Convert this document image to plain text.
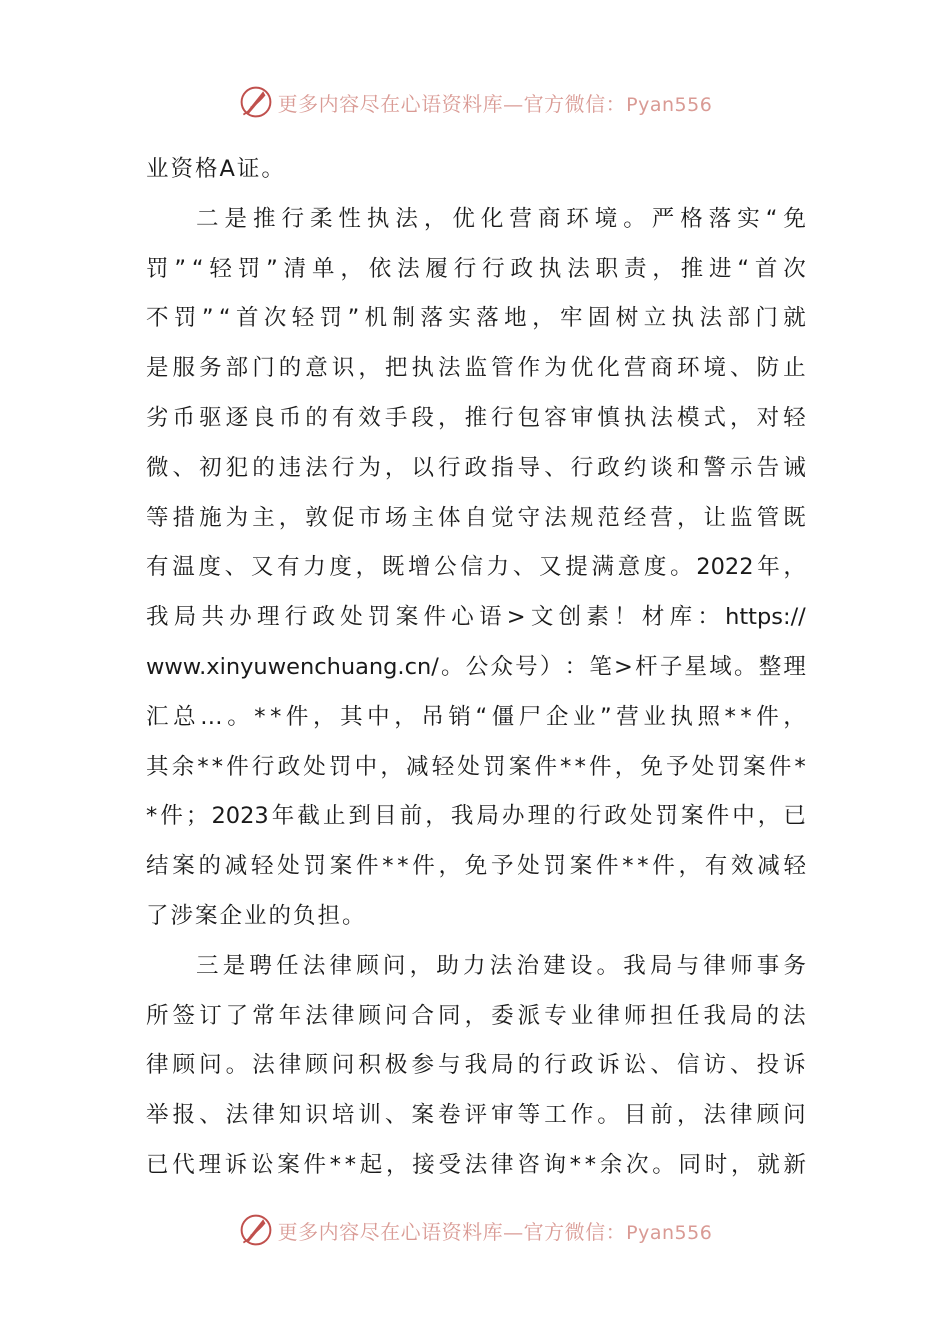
更多内容尽在心语资料库—官方微信：Pyan556
业资格A证。
二 是 推 行 柔 性 执 法 ， 优 化 营 商 环 境 。 严 格 落 实 “ 免
罚 ” “ 轻 罚 ” 清 单 ， 依 法 履 行 行 政 执 法 职 责 ， 推 进 “ 首 次
不 罚 ” “ 首 次 轻 罚 ” 机 制 落 实 落 地 ， 牢 固 树 立 执 法 部 门 就
是 服 务 部 门 的 意 识 ， 把 执 法 监 管 作 为 优 化 营 商 环 境 、 防 止
劣 币 驱 逐 良 币 的 有 效 手 段 ， 推 行 包 容 审 慎 执 法 模 式 ， 对 轻
微 、 初 犯 的 违 法 行 为 ， 以 行 政 指 导 、 行 政 约 谈 和 警 示 告 诫
等 措 施 为 主 ， 敦 促 市 场 主 体 自 觉 守 法 规 范 经 营 ， 让 监 管 既
有 温 度 、 又 有 力 度 ， 既 增 公 信 力 、 又 提 满 意 度 。 2022 年 ，
我 局 共 办 理 行 政 处 罚 案 件 心 语 > 文 创 素 ！ 材 库 ： https://
www.xinyuwenchuang.cn/ 。 公 众 号 ） ： 笔 > 杆 子 星 域 。 整 理
汇 总 … 。 * * 件 ， 其 中 ， 吊 销 “ 僵 尸 企 业 ” 营 业 执 照 * * 件 ，
其 余 * * 件 行 政 处 罚 中 ， 减 轻 处 罚 案 件 * * 件 ， 免 予 处 罚 案 件 *
* 件 ； 2023 年 截 止 到 目 前 ， 我 局 办 理 的 行 政 处 罚 案 件 中 ， 已
结 案 的 减 轻 处 罚 案 件 * * 件 ， 免 予 处 罚 案 件 * * 件 ， 有 效 减 轻
了涉案企业的负担。
三 是 聘 任 法 律 顾 问 ， 助 力 法 治 建 设 。 我 局 与 律 师 事 务
所 签 订 了 常 年 法 律 顾 问 合 同 ， 委 派 专 业 律 师 担 任 我 局 的 法
律 顾 问 。 法 律 顾 问 积 极 参 与 我 局 的 行 政 诉 讼 、 信 访 、 投 诉
举 报 、 法 律 知 识 培 训 、 案 卷 评 审 等 工 作 。 目 前 ， 法 律 顾 问
已 代 理 诉 讼 案 件 * * 起 ， 接 受 法 律 咨 询 * * 余 次 。 同 时 ， 就 新
更多内容尽在心语资料库—官方微信：Pyan556
